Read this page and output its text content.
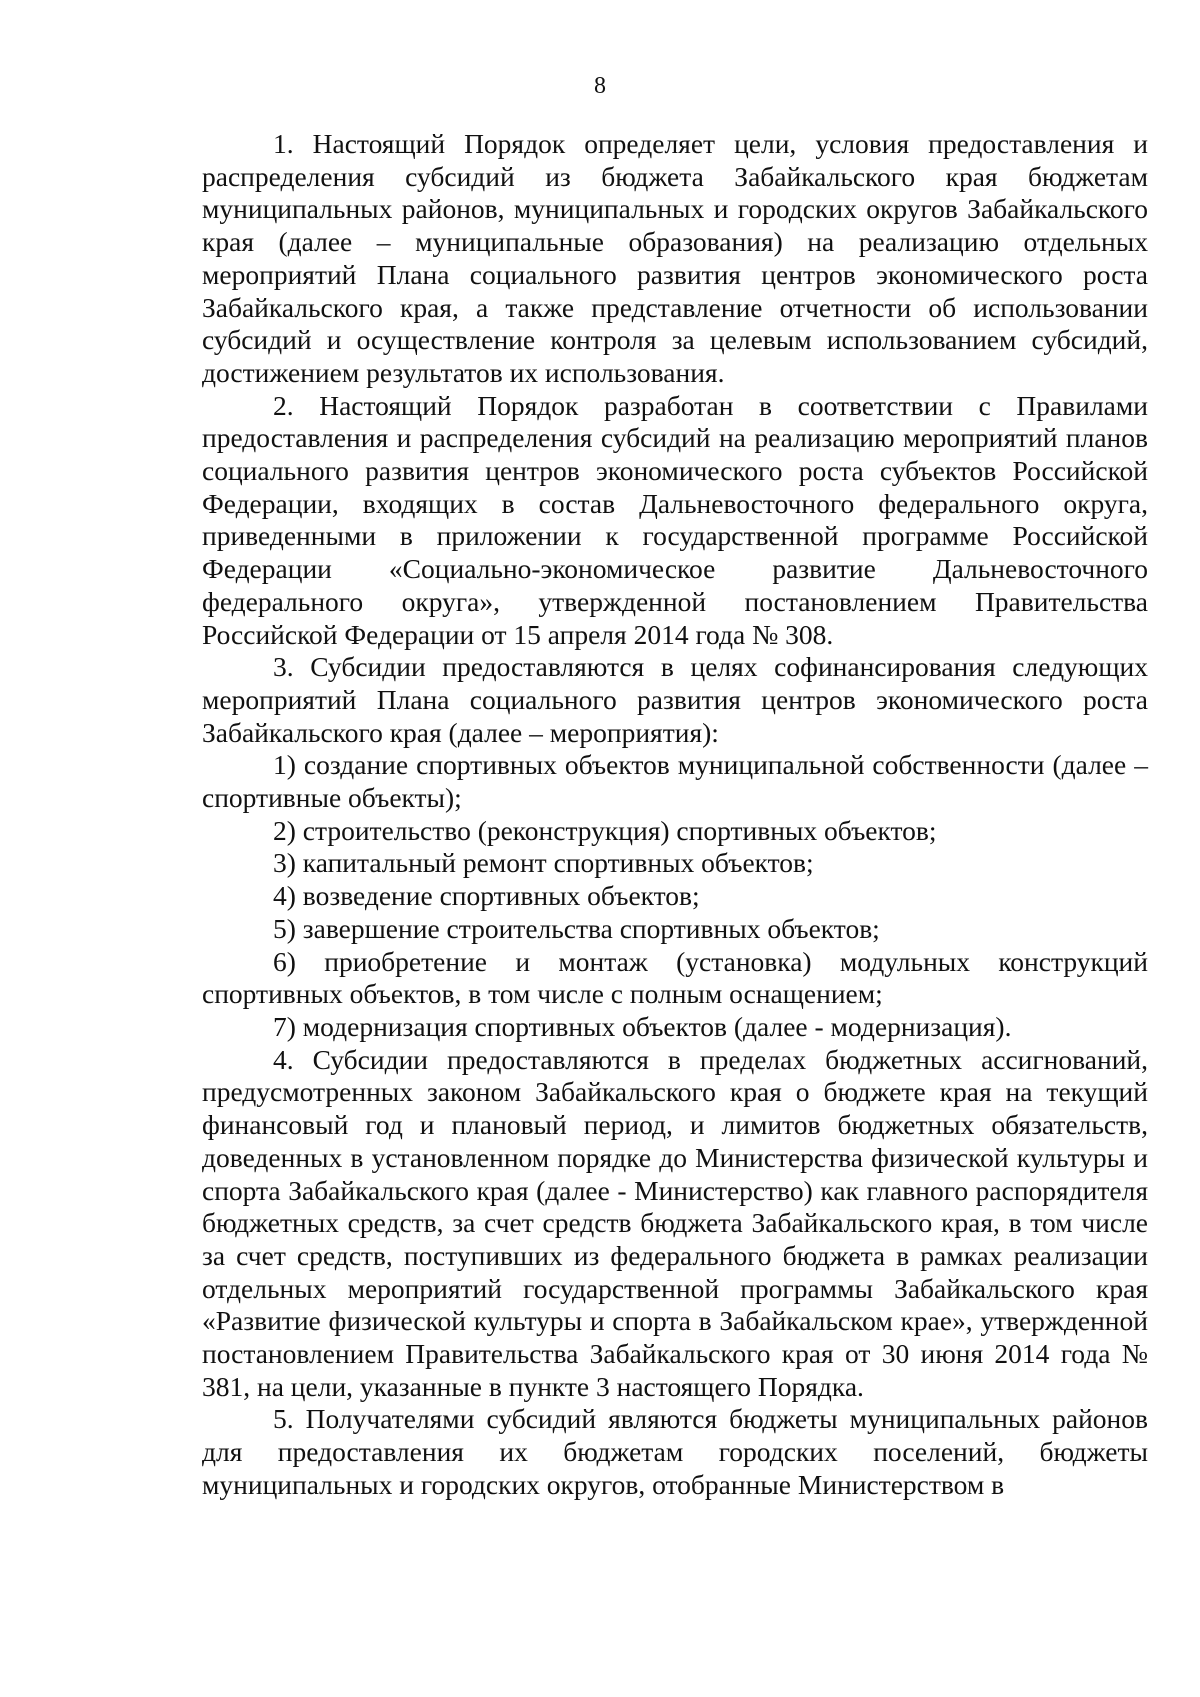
8

1. Настоящий Порядок определяет цели, условия предоставления и распределения субсидий из бюджета Забайкальского края бюджетам муниципальных районов, муниципальных и городских округов Забайкальского края (далее – муниципальные образования) на реализацию отдельных мероприятий Плана социального развития центров экономического роста Забайкальского края, а также представление отчетности об использовании субсидий и осуществление контроля за целевым использованием субсидий, достижением результатов их использования.

2. Настоящий Порядок разработан в соответствии с Правилами предоставления и распределения субсидий на реализацию мероприятий планов социального развития центров экономического роста субъектов Российской Федерации, входящих в состав Дальневосточного федерального округа, приведенными в приложении к государственной программе Российской Федерации «Социально-экономическое развитие Дальневосточного федерального округа», утвержденной постановлением Правительства Российской Федерации от 15 апреля 2014 года № 308.

3. Субсидии предоставляются в целях софинансирования следующих мероприятий Плана социального развития центров экономического роста Забайкальского края (далее – мероприятия):

1) создание спортивных объектов муниципальной собственности (далее – спортивные объекты);

2) строительство (реконструкция) спортивных объектов;

3) капитальный ремонт спортивных объектов;

4) возведение спортивных объектов;

5) завершение строительства спортивных объектов;

6) приобретение и монтаж (установка) модульных конструкций спортивных объектов, в том числе с полным оснащением;

7) модернизация спортивных объектов (далее - модернизация).

4. Субсидии предоставляются в пределах бюджетных ассигнований, предусмотренных законом Забайкальского края о бюджете края на текущий финансовый год и плановый период, и лимитов бюджетных обязательств, доведенных в установленном порядке до Министерства физической культуры и спорта Забайкальского края (далее - Министерство) как главного распорядителя бюджетных средств, за счет средств бюджета Забайкальского края, в том числе за счет средств, поступивших из федерального бюджета в рамках реализации отдельных мероприятий государственной программы Забайкальского края «Развитие физической культуры и спорта в Забайкальском крае», утвержденной постановлением Правительства Забайкальского края от 30 июня 2014 года № 381, на цели, указанные в пункте 3 настоящего Порядка.

5. Получателями субсидий являются бюджеты муниципальных районов для предоставления их бюджетам городских поселений, бюджеты муниципальных и городских округов, отобранные Министерством в
